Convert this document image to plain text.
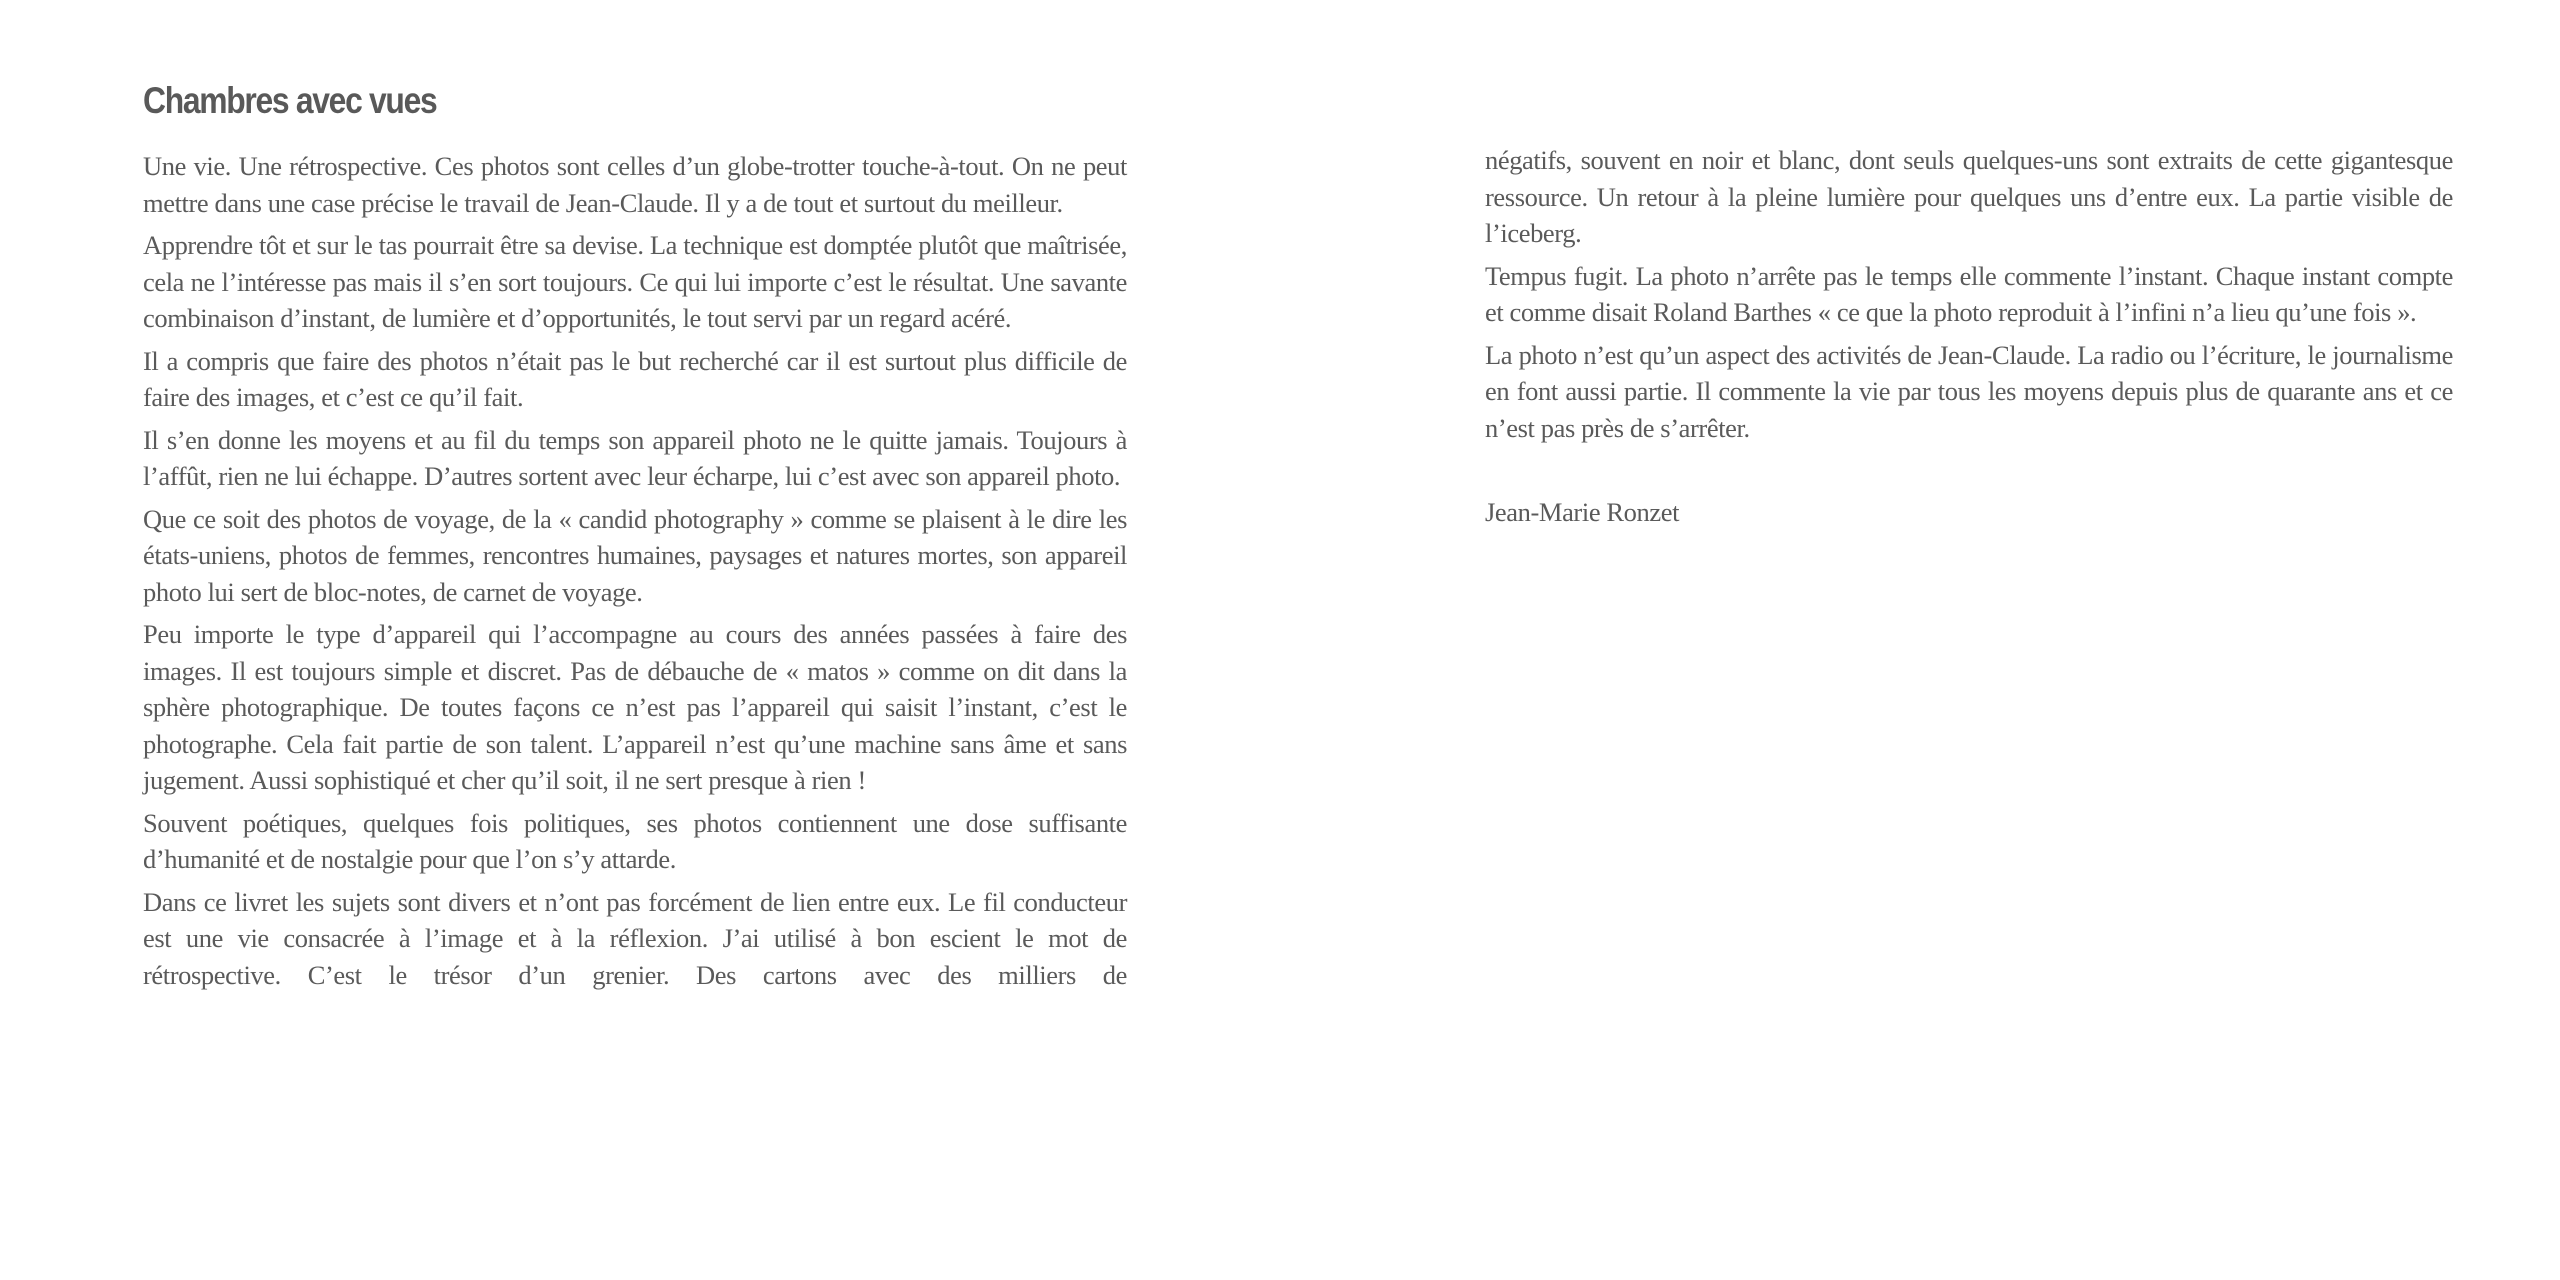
Chambres avec vues

Une vie. Une rétrospective. Ces photos sont celles d’un globe-trotter touche-à-tout. On ne peut mettre dans une case précise le travail de Jean-Claude. Il y a de tout et surtout du meilleur.

Apprendre tôt et sur le tas pourrait être sa devise. La technique est domptée plutôt que maîtrisée, cela ne l’intéresse pas mais il s’en sort toujours. Ce qui lui importe c’est le résultat. Une savante combinaison d’instant, de lumière et d’opportunités, le tout servi par un regard acéré.

Il a compris que faire des photos n’était pas le but recherché car il est surtout plus difficile de faire des images, et c’est ce qu’il fait.

Il s’en donne les moyens et au fil du temps son appareil photo ne le quitte jamais. Toujours à l’affût, rien ne lui échappe. D’autres sortent avec leur écharpe, lui c’est avec son appareil photo.

Que ce soit des photos de voyage, de la « candid photography » comme se plaisent à le dire les états-uniens, photos de femmes, rencontres humaines, paysages et natures mortes, son appareil photo lui sert de bloc-notes, de carnet de voyage.

Peu importe le type d’appareil qui l’accompagne au cours des années passées à faire des images. Il est toujours simple et discret. Pas de débauche de « matos » comme on dit dans la sphère photographique. De toutes façons ce n’est pas l’appareil qui saisit l’instant, c’est le photographe. Cela fait partie de son talent. L’appareil n’est qu’une machine sans âme et sans jugement. Aussi sophistiqué et cher qu’il soit, il ne sert presque à rien !

Souvent poétiques, quelques fois politiques, ses photos contiennent une dose suffisante d’humanité et de nostalgie pour que l’on s’y attarde.

Dans ce livret les sujets sont divers et n’ont pas forcément de lien entre eux. Le fil conducteur est une vie consacrée à l’image et à la réflexion. J’ai utilisé à bon escient le mot de rétrospective. C’est le trésor d’un grenier. Des cartons avec des milliers de

négatifs, souvent en noir et blanc, dont seuls quelques-uns sont extraits de cette gigantesque ressource. Un retour à la pleine lumière pour quelques uns d’entre eux. La partie visible de l’iceberg.

Tempus fugit. La photo n’arrête pas le temps elle commente l’instant. Chaque instant compte et comme disait Roland Barthes « ce que la photo reproduit à l’infini n’a lieu qu’une fois ».

La photo n’est qu’un aspect des activités de Jean-Claude. La radio ou l’écriture, le journalisme en font aussi partie. Il commente la vie par tous les moyens depuis plus de quarante ans et ce n’est pas près de s’arrêter.

Jean-Marie Ronzet
